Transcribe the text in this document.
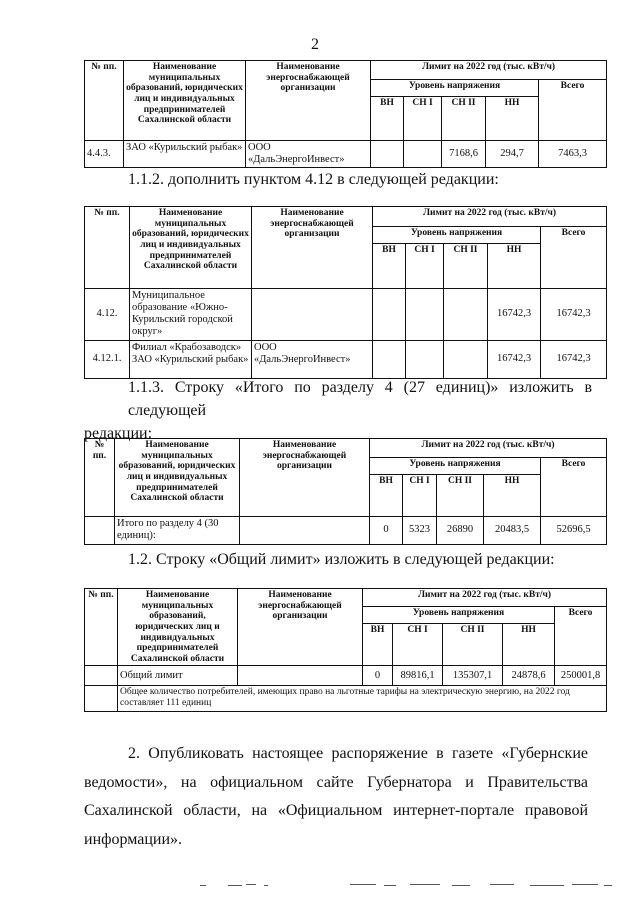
2
№ пп.	Наименование муниципальных образований, юридических лиц и индивидуальных предпринимателей Сахалинской области	Наименование энергоснабжающей организации	Лимит на 2022 год (тыс. кВт/ч)				
			Уровень напряжения				Всего
			ВН	СН I	СН II	НН	
4.4.3.	ЗАО «Курильский рыбак»	ООО «ДальЭнергоИнвест»			7168,6	294,7	7463,3
1.1.2. дополнить пунктом 4.12 в следующей редакции:
№ пп.	Наименование муниципальных образований, юридических лиц и индивидуальных предпринимателей Сахалинской области	Наименование энергоснабжающей организации	Лимит на 2022 год (тыс. кВт/ч)				
			Уровень напряжения				Всего
			ВН	СН I	СН II	НН	
4.12.	Муниципальное образование «Южно-Курильский городской округ»					16742,3	16742,3
4.12.1.	Филиал «Крабозаводск» ЗАО «Курильский рыбак»	ООО «ДальЭнергоИнвест»				16742,3	16742,3
1.1.3. Строку «Итого по разделу 4 (27 единиц)» изложить в следующей
редакции:
№ пп.	Наименование муниципальных образований, юридических лиц и индивидуальных предпринимателей Сахалинской области	Наименование энергоснабжающей организации	Лимит на 2022 год (тыс. кВт/ч)				
			Уровень напряжения				Всего
			ВН	СН I	СН II	НН	
	Итого по разделу 4 (30 единиц):		0	5323	26890	20483,5	52696,5
1.2. Строку «Общий лимит» изложить в следующей редакции:
№ пп.	Наименование муниципальных образований, юридических лиц и индивидуальных предпринимателей Сахалинской области	Наименование энергоснабжающей организации	Лимит на 2022 год (тыс. кВт/ч)				
			Уровень напряжения				Всего
			ВН	СН I	СН II	НН	
	Общий лимит		0	89816,1	135307,1	24878,6	250001,8
	Общее количество потребителей, имеющих право на льготные тарифы на электрическую энергию, на 2022 год составляет 111 единиц						
2. Опубликовать настоящее распоряжение в газете «Губернские
ведомости», на официальном сайте Губернатора и Правительства
Сахалинской области, на «Официальном интернет-портале правовой
информации».
